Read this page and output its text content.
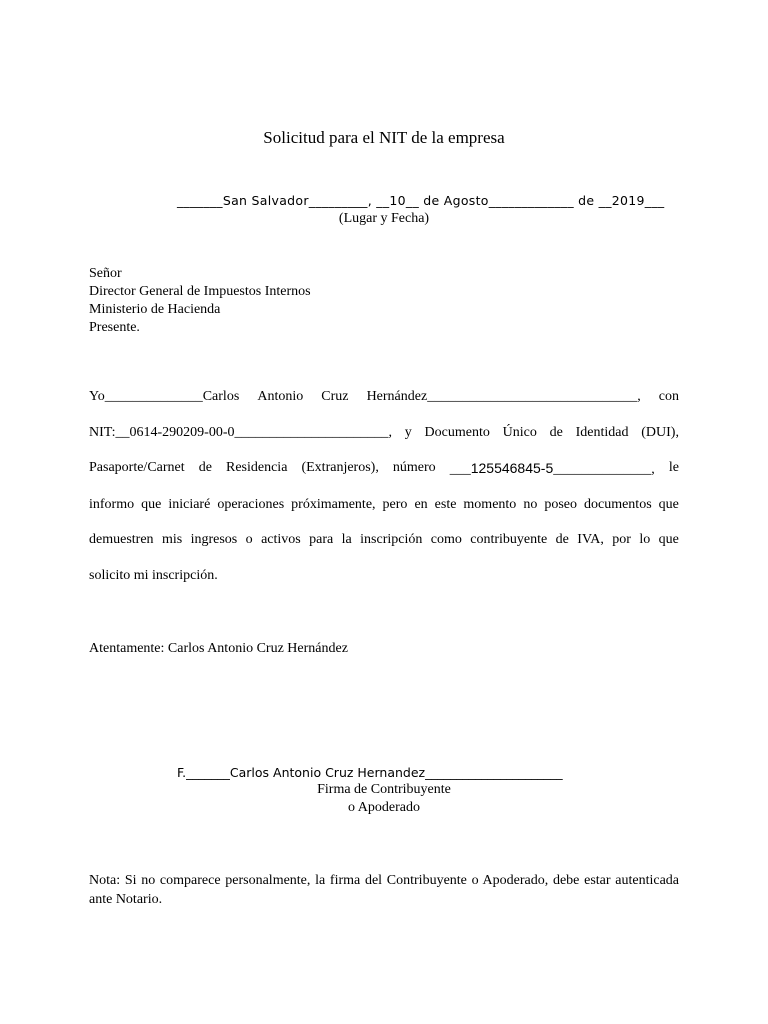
Solicitud para el NIT de la empresa
_______San Salvador_________, __10__ de Agosto_____________ de __2019___
(Lugar y Fecha)
Señor
Director General de Impuestos Internos
Ministerio de Hacienda
Presente.
Yo______________Carlos Antonio Cruz Hernández______________________________, con
NIT:__0614-290209-00-0______________________, y Documento Único de Identidad (DUI),
Pasaporte/Carnet de Residencia (Extranjeros), número ___125546845-5______________, le
informo que iniciaré operaciones próximamente, pero en este momento no poseo documentos que
demuestren mis ingresos o activos para la inscripción como contribuyente de IVA, por lo que
solicito mi inscripción.
Atentamente: Carlos Antonio Cruz Hernández
F._______Carlos Antonio Cruz Hernandez______________________
Firma de Contribuyente
o Apoderado
Nota: Si no comparece personalmente, la firma del Contribuyente o Apoderado, debe estar autenticada ante Notario.
